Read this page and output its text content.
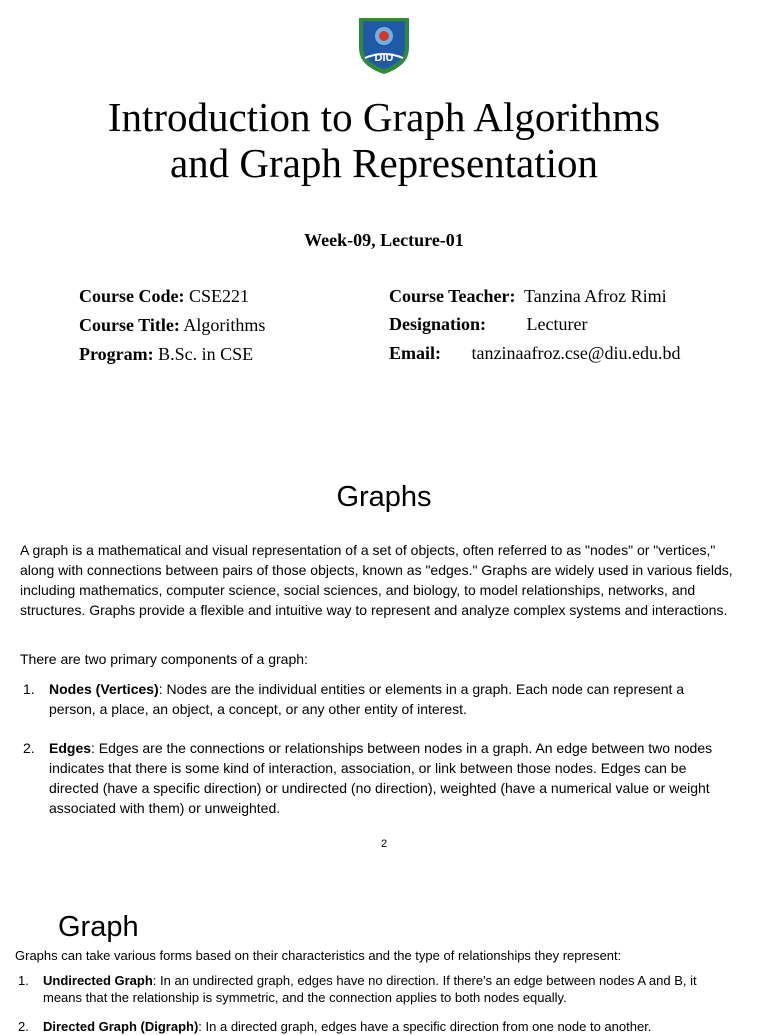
DIU
Introduction to Graph Algorithms
and Graph Representation
Week-09, Lecture-01
Course Code: CSE221
Course Title: Algorithms
Program: B.Sc. in CSE
Course Teacher: Tanzina Afroz Rimi
Designation: Lecturer
Email: tanzinaafroz.cse@diu.edu.bd
Graphs

A graph is a mathematical and visual representation of a set of objects, often referred to as "nodes" or "vertices," along with connections between pairs of those objects, known as "edges." Graphs are widely used in various fields, including mathematics, computer science, social sciences, and biology, to model relationships, networks, and structures. Graphs provide a flexible and intuitive way to represent and analyze complex systems and interactions.

There are two primary components of a graph:

1. Nodes (Vertices): Nodes are the individual entities or elements in a graph. Each node can represent a person, a place, an object, a concept, or any other entity of interest.
2. Edges: Edges are the connections or relationships between nodes in a graph. An edge between two nodes indicates that there is some kind of interaction, association, or link between those nodes. Edges can be directed (have a specific direction) or undirected (no direction), weighted (have a numerical value or weight associated with them) or unweighted.
2
Graph

Graphs can take various forms based on their characteristics and the type of relationships they represent:

1. Undirected Graph: In an undirected graph, edges have no direction. If there's an edge between nodes A and B, it means that the relationship is symmetric, and the connection applies to both nodes equally.
2. Directed Graph (Digraph): In a directed graph, edges have a specific direction from one node to another.
